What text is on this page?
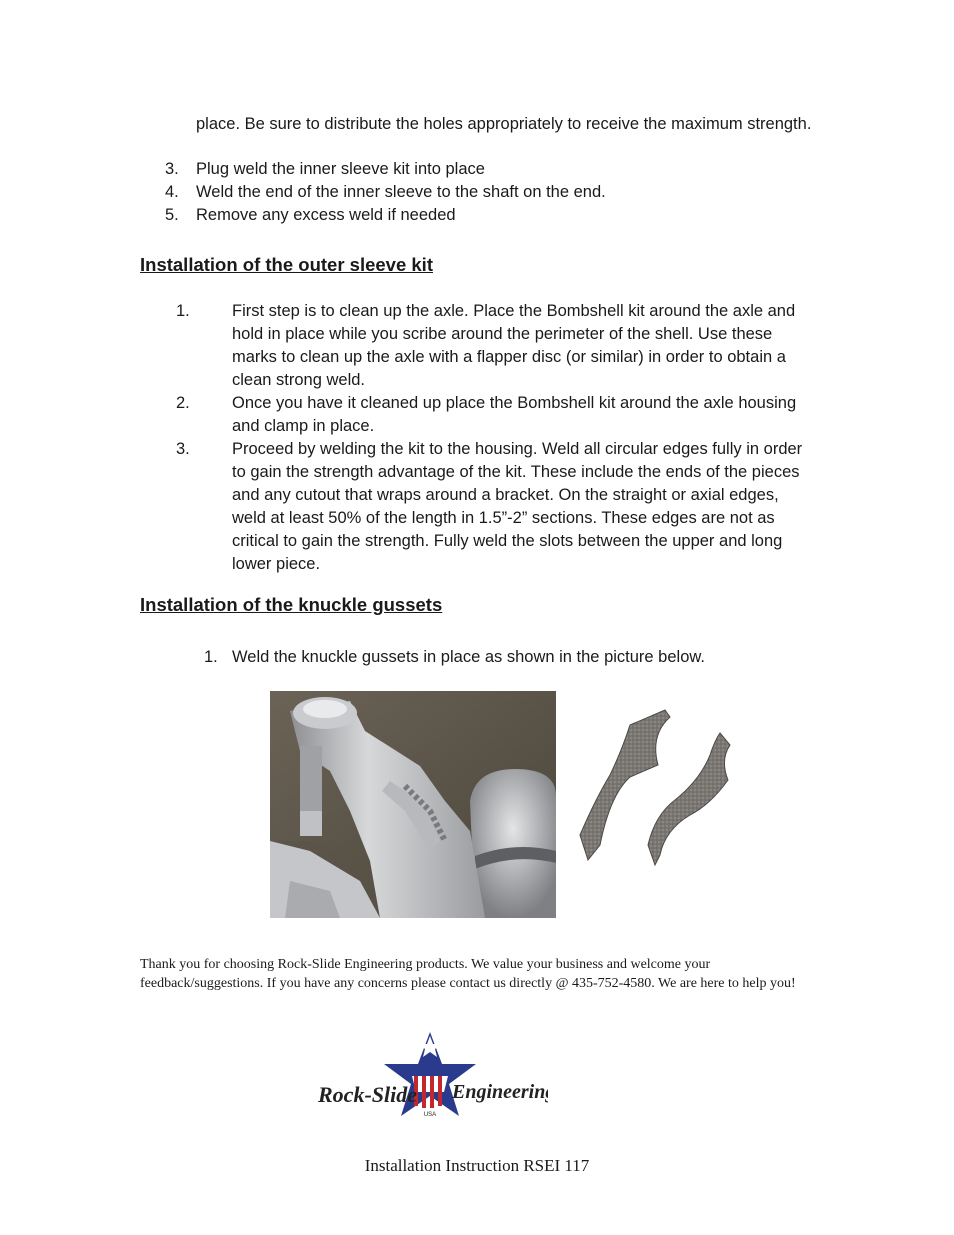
place. Be sure to distribute the holes appropriately to receive the maximum strength.

3.	Plug weld the inner sleeve kit into place
4.	Weld the end of the inner sleeve to the shaft on the end.
5.	Remove any excess weld if needed
Installation of the outer sleeve kit
1.	First step is to clean up the axle. Place the Bombshell kit around the axle and hold in place while you scribe around the perimeter of the shell. Use these marks to clean up the axle with a flapper disc (or similar) in order to obtain a clean strong weld.
2.	Once you have it cleaned up place the Bombshell kit around the axle housing and clamp in place.
3.	Proceed by welding the kit to the housing. Weld all circular edges fully in order to gain the strength advantage of the kit. These include the ends of the pieces and any cutout that wraps around a bracket. On the straight or axial edges, weld at least 50% of the length in 1.5”-2” sections. These edges are not as critical to gain the strength. Fully weld the slots between the upper and long lower piece.
Installation of the knuckle gussets
1. Weld the knuckle gussets in place as shown in the picture below.

Thank you for choosing Rock-Slide Engineering products. We value your business and welcome your feedback/suggestions. If you have any concerns please contact us directly @ 435-752-4580. We are here to help you!

Rock-Slide Engineering
USA
Installation Instruction RSEI 117
